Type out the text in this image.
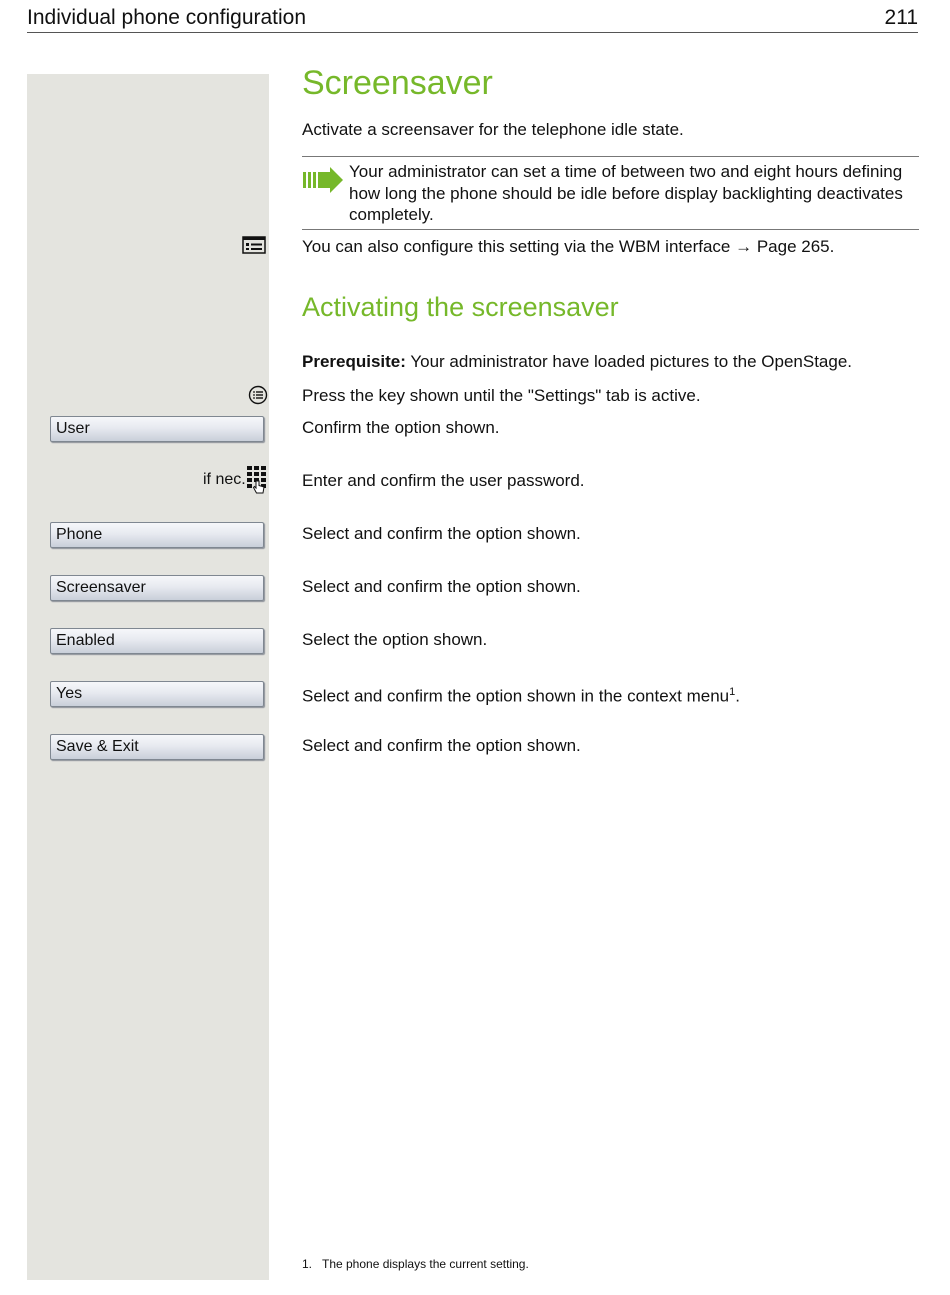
Individual phone configuration	211
Screensaver
Activate a screensaver for the telephone idle state.
Your administrator can set a time of between two and eight hours defining how long the phone should be idle before display backlighting deactivates completely.
You can also configure this setting via the WBM interface → Page 265.
Activating the screensaver
Prerequisite: Your administrator have loaded pictures to the OpenStage.
Press the key shown until the "Settings" tab is active.
User	Confirm the option shown.
if nec.	Enter and confirm the user password.
Phone	Select and confirm the option shown.
Screensaver	Select and confirm the option shown.
Enabled	Select the option shown.
Yes	Select and confirm the option shown in the context menu$^1$.
Save & Exit	Select and confirm the option shown.
1. The phone displays the current setting.
